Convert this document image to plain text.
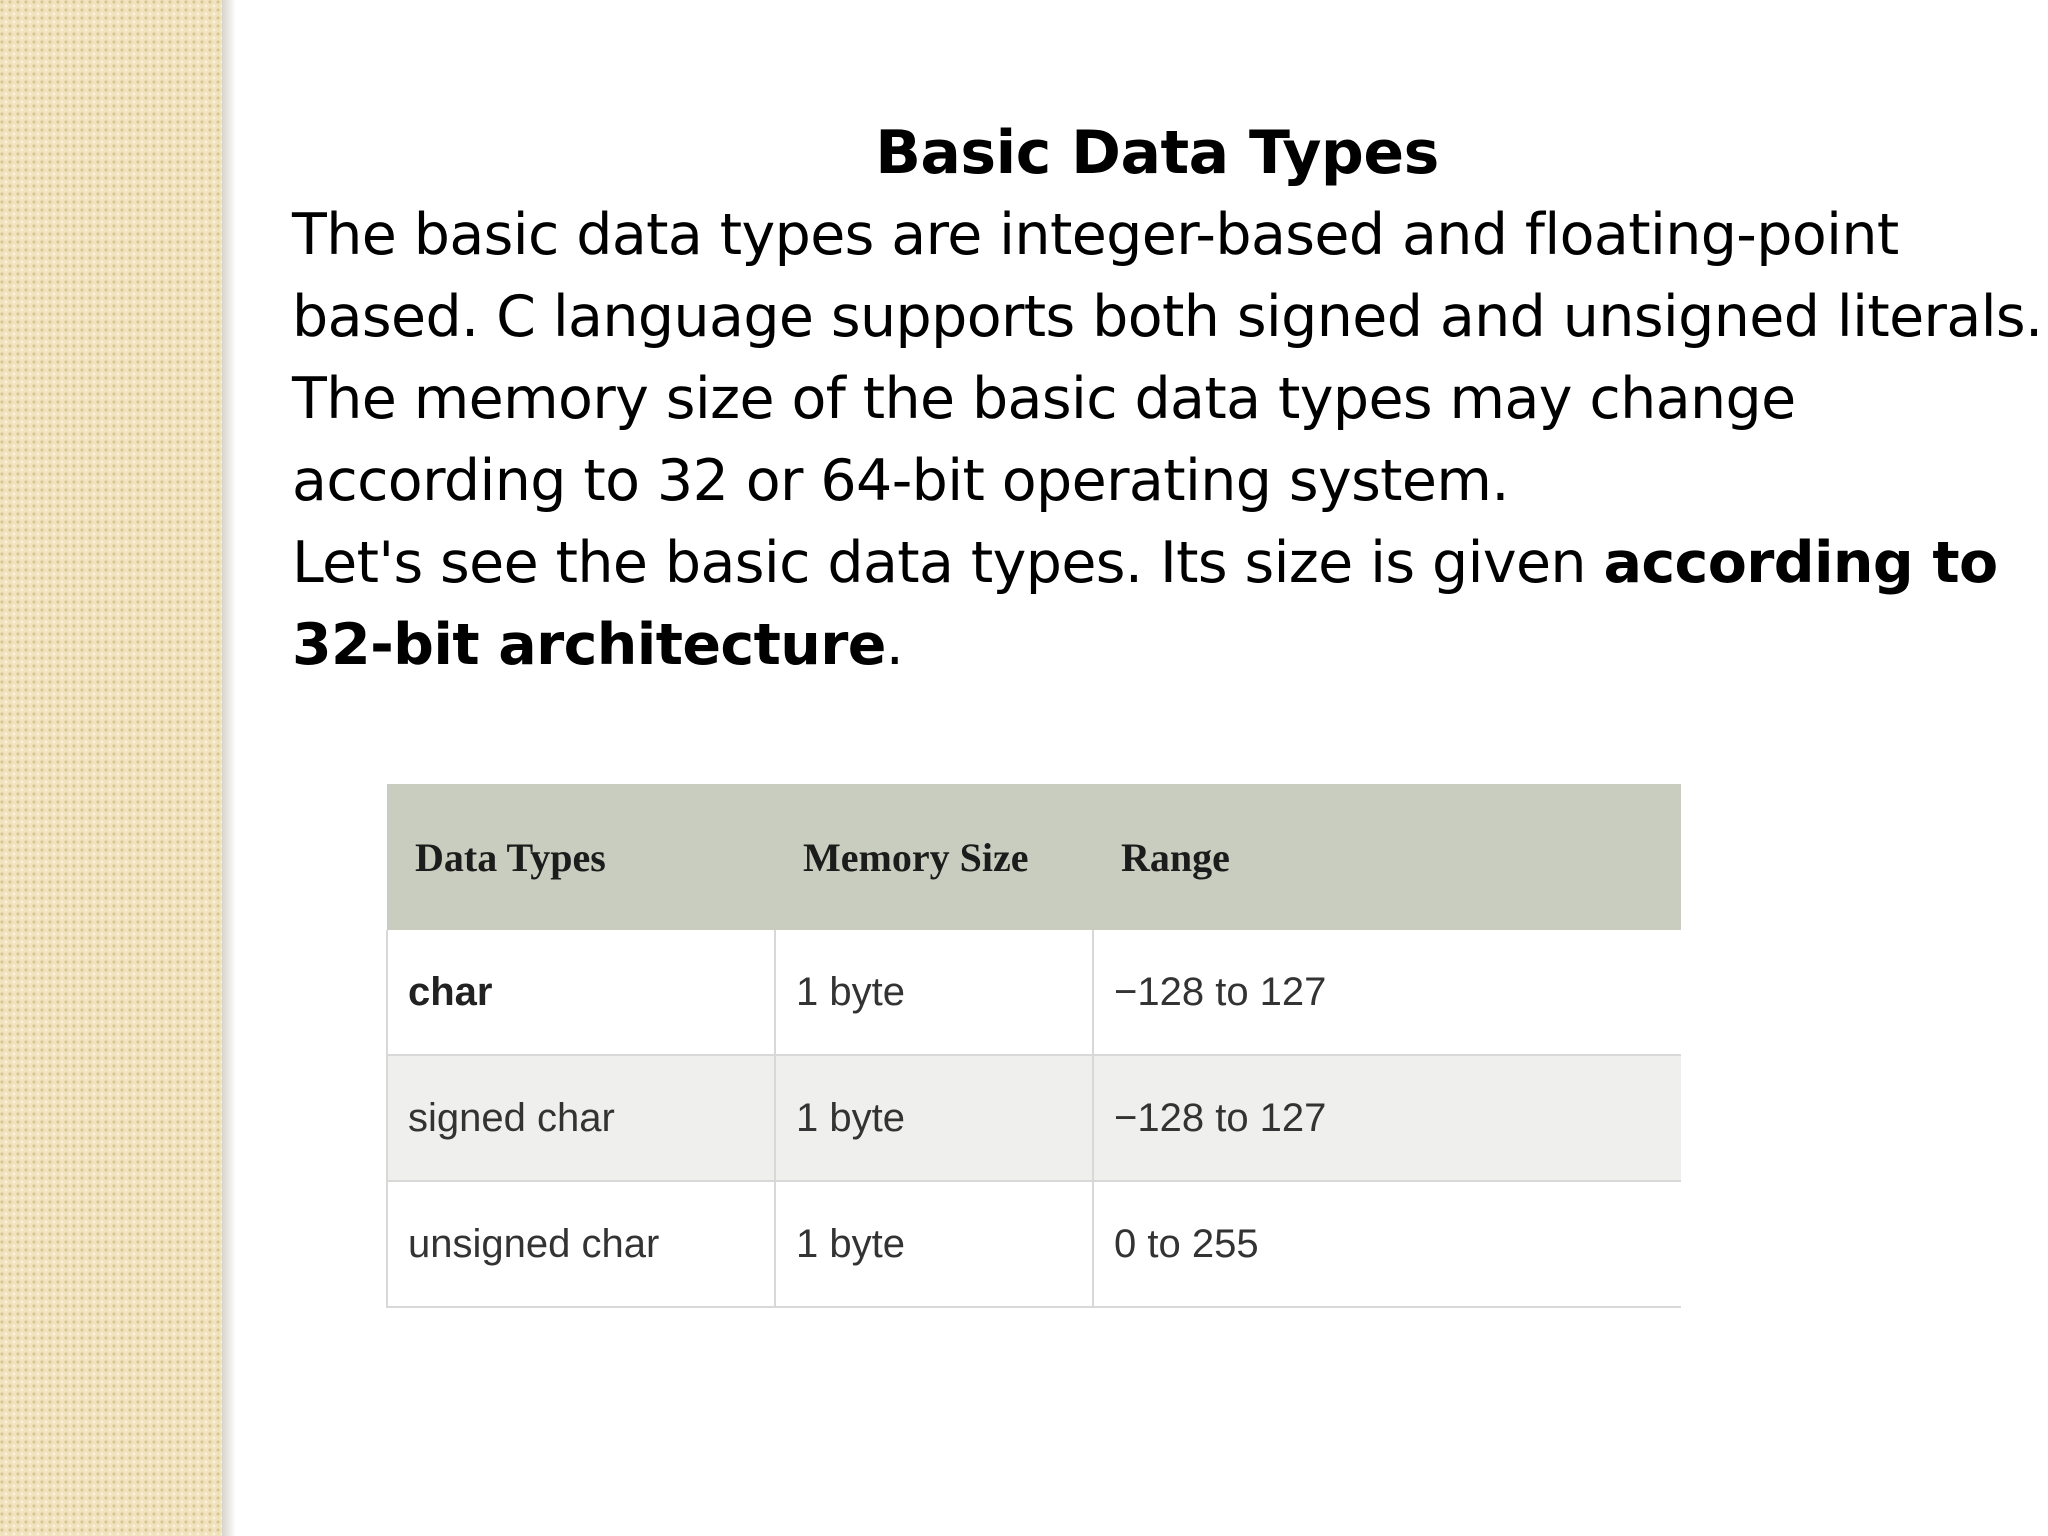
Basic Data Types

The basic data types are integer-based and floating-point

based. C language supports both signed and unsigned literals.

The memory size of the basic data types may change

according to 32 or 64-bit operating system.

Let's see the basic data types. Its size is given according to

32-bit architecture.

Data Types	Memory Size	Range
char	1 byte	−128 to 127
signed char	1 byte	−128 to 127
unsigned char	1 byte	0 to 255
